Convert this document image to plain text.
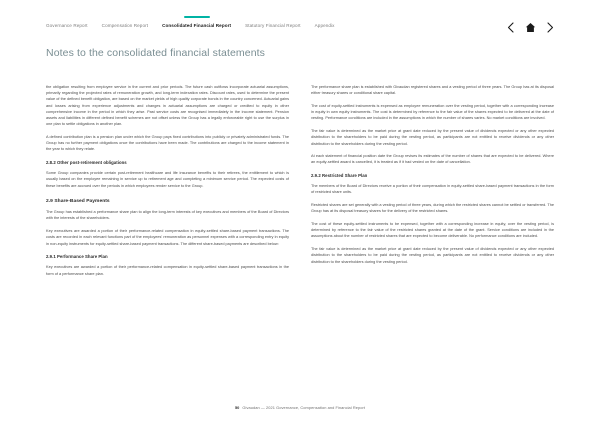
Governance Report	Compensation Report	Consolidated Financial Report	Statutory Financial Report	Appendix
Notes to the consolidated financial statements

the obligation resulting from employee service in the current and prior periods. The future cash outflows incorporate actuarial assumptions, primarily regarding the projected rates of remuneration growth, and long-term indexation rates. Discount rates, used to determine the present value of the defined benefit obligation, are based on the market yields of high quality corporate bonds in the country concerned. Actuarial gains and losses arising from experience adjustments and changes in actuarial assumptions are charged or credited to equity in other comprehensive income in the period in which they arise. Past service costs are recognised immediately in the income statement. Pension assets and liabilities in different defined benefit schemes are not offset unless the Group has a legally enforceable right to use the surplus in one plan to settle obligations in another plan.

A defined contribution plan is a pension plan under which the Group pays fixed contributions into publicly or privately administrated funds. The Group has no further payment obligations once the contributions have been made. The contributions are charged to the income statement in the year to which they relate.

2.8.2 Other post-retirement obligations

Some Group companies provide certain post-retirement healthcare and life insurance benefits to their retirees, the entitlement to which is usually based on the employee remaining in service up to retirement age and completing a minimum service period. The expected costs of these benefits are accrued over the periods in which employees render service to the Group.

2.9 Share-Based Payments

The Group has established a performance share plan to align the long-term interests of key executives and members of the Board of Directors with the interests of the shareholders.

Key executives are awarded a portion of their performance-related compensation in equity-settled share-based payment transactions. The costs are recorded in each relevant functions part of the employees' remuneration as personnel expenses with a corresponding entry in equity in non-equity instruments for equity-settled share-based payment transactions. The different share-based payments are described below:

2.9.1 Performance Share Plan

Key executives are awarded a portion of their performance-related compensation in equity-settled share-based payment transactions in the form of a performance share plan.

The performance share plan is established with Givaudan registered shares and a vesting period of three years. The Group has at its disposal either treasury shares or conditional share capital.

The cost of equity-settled instruments is expensed as employee remuneration over the vesting period, together with a corresponding increase in equity in own equity instruments. The cost is determined by reference to the fair value of the shares expected to be delivered at the date of vesting. Performance conditions are included in the assumptions in which the number of shares varies. No market conditions are involved.

The fair value is determined as the market price at grant date reduced by the present value of dividends expected or any other expected distribution to the shareholders to be paid during the vesting period, as participants are not entitled to receive dividends or any other distribution to the shareholders during the vesting period.

At each statement of financial position date the Group revises its estimates of the number of shares that are expected to be delivered. Where an equity-settled award is cancelled, it is treated as if it had vested on the date of cancellation.

2.9.2 Restricted Share Plan

The members of the Board of Directors receive a portion of their compensation in equity-settled share-based payment transactions in the form of restricted share units.

Restricted shares are set generally with a vesting period of three years, during which the restricted shares cannot be settled or transferred. The Group has at its disposal treasury shares for the delivery of the restricted shares.

The cost of these equity-settled instruments to be expensed, together with a corresponding increase in equity, over the vesting period, is determined by reference to the fair value of the restricted shares granted at the date of the grant. Service conditions are included in the assumptions about the number of restricted shares that are expected to become deliverable. No performance conditions are included.

The fair value is determined as the market price at grant date reduced by the present value of dividends expected or any other expected distribution to the shareholders to be paid during the vesting period, as participants are not entitled to receive dividends or any other distribution to the shareholders during the vesting period.

50 Givaudan — 2021 Governance, Compensation and Financial Report
